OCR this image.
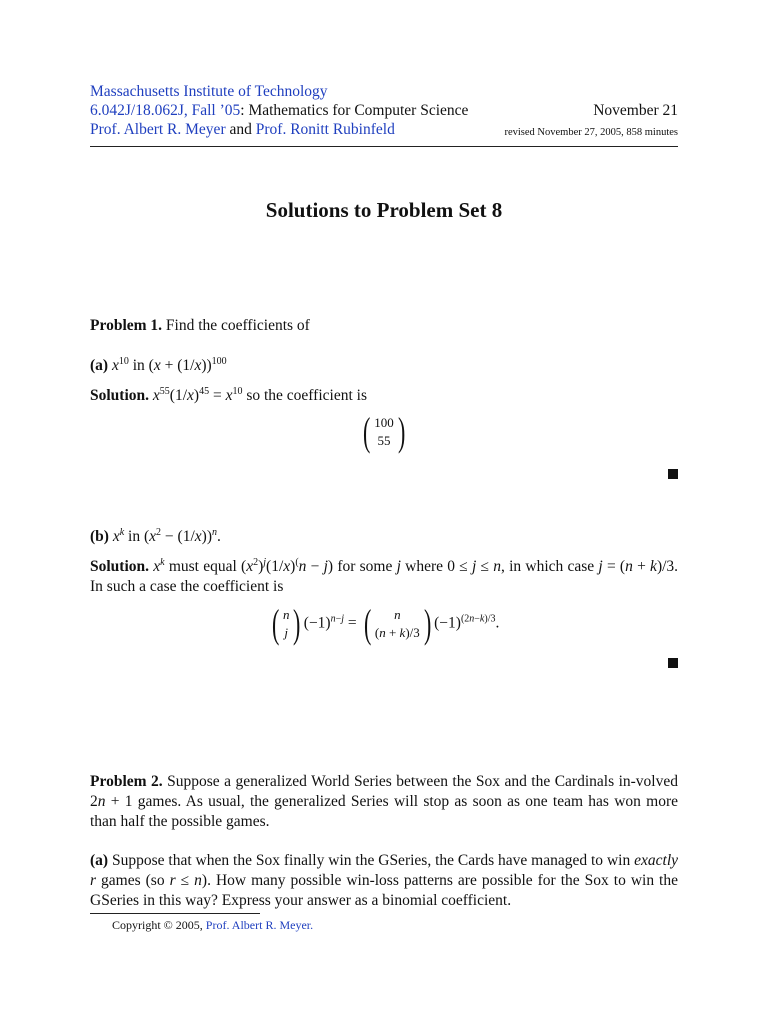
Massachusetts Institute of Technology
6.042J/18.062J, Fall ’05: Mathematics for Computer Science	November 21
Prof. Albert R. Meyer and Prof. Ronitt Rubinfeld	revised November 27, 2005, 858 minutes
Solutions to Problem Set 8
Problem 1. Find the coefficients of
(a) $x^{10}$ in $(x + (1/x))^{100}$
Solution. $x^{55}(1/x)^{45} = x^{10}$ so the coefficient is
( 100
55 )
(b) $x^k$ in $(x^2 - (1/x))^n$.
Solution. $x^k$ must equal $(x^2)^j(1/x)^(n - j$) for some j where 0 ≤ j ≤ n, in which case j = (n + k)/3. In such a case the coefficient is
( n
j ) $(-1)^{n-j}$ = ( n
(n + k)/3 ) $(-1)^{(2n-k)/3}$.
Problem 2. Suppose a generalized World Series between the Sox and the Cardinals in-volved 2n + 1 games. As usual, the generalized Series will stop as soon as one team has won more than half the possible games.
(a) Suppose that when the Sox finally win the GSeries, the Cards have managed to win exactly r games (so r ≤ n). How many possible win-loss patterns are possible for the Sox to win the GSeries in this way? Express your answer as a binomial coefficient.
Copyright © 2005, Prof. Albert R. Meyer.
